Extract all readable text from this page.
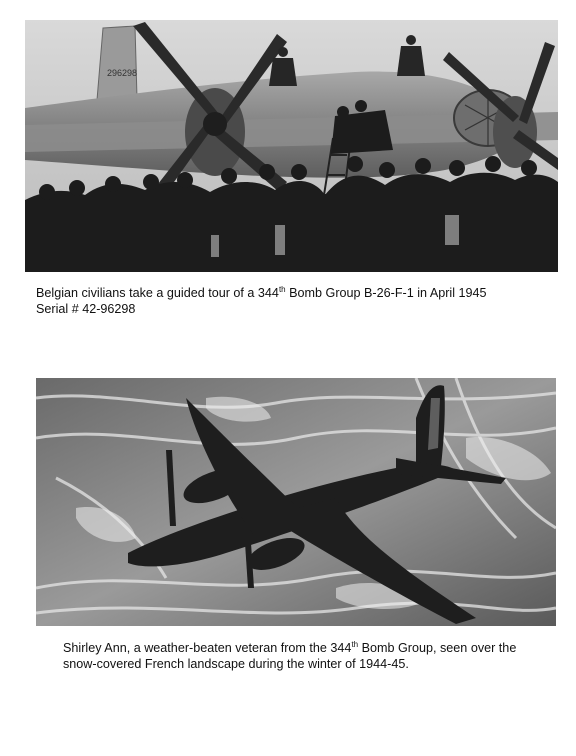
296298
Belgian civilians take a guided tour of a 344th Bomb Group B-26-F-1 in April 1945
Serial # 42-96298
Shirley Ann, a weather-beaten veteran from the 344th Bomb Group, seen over the
snow-covered French landscape during the winter of 1944-45.
